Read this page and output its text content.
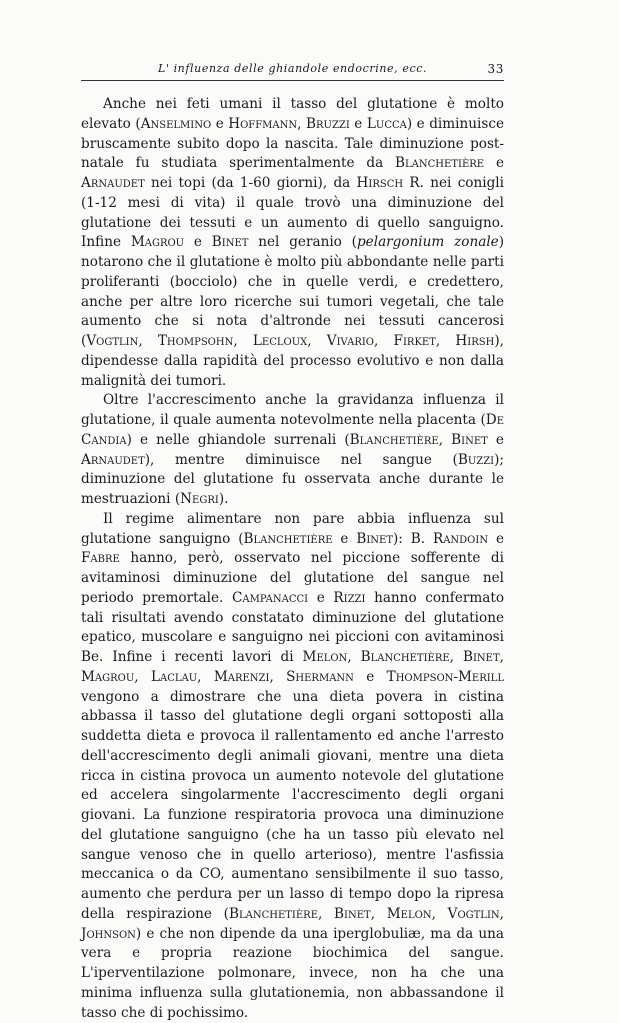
L' influenza delle ghiandole endocrine, ecc.	33

Anche nei feti umani il tasso del glutatione è molto elevato (Anselmino e Hoffmann, Bruzzi e Lucca) e diminuisce bruscamente subito dopo la nascita. Tale diminuzione post-natale fu studiata sperimentalmente da Blanchetière e Arnaudet nei topi (da 1-60 giorni), da Hirsch R. nei conigli (1-12 mesi di vita) il quale trovò una diminuzione del glutatione dei tessuti e un aumento di quello sanguigno. Infine Magrou e Binet nel geranio (pelargonium zonale) notarono che il glutatione è molto più abbondante nelle parti proliferanti (bocciolo) che in quelle verdi, e credettero, anche per altre loro ricerche sui tumori vegetali, che tale aumento che si nota d'altronde nei tessuti cancerosi (Vogtlin, Thompsohn, Lecloux, Vivario, Firket, Hirsh), dipendesse dalla rapidità del processo evolutivo e non dalla malignità dei tumori.

Oltre l'accrescimento anche la gravidanza influenza il glutatione, il quale aumenta notevolmente nella placenta (De Candia) e nelle ghiandole surrenali (Blanchetière, Binet e Arnaudet), mentre diminuisce nel sangue (Buzzi); diminuzione del glutatione fu osservata anche durante le mestruazioni (Negri).

Il regime alimentare non pare abbia influenza sul glutatione sanguigno (Blanchetière e Binet): B. Randoin e Fabre hanno, però, osservato nel piccione sofferente di avitaminosi diminuzione del glutatione del sangue nel periodo premortale. Campanacci e Rizzi hanno confermato tali risultati avendo constatato diminuzione del glutatione epatico, muscolare e sanguigno nei piccioni con avitaminosi Be. Infine i recenti lavori di Melon, Blanchetière, Binet, Magrou, Laclau, Marenzi, Shermann e Thompson-Merill vengono a dimostrare che una dieta povera in cistina abbassa il tasso del glutatione degli organi sottoposti alla suddetta dieta e provoca il rallentamento ed anche l'arresto dell'accrescimento degli animali giovani, mentre una dieta ricca in cistina provoca un aumento notevole del glutatione ed accelera singolarmente l'accrescimento degli organi giovani. La funzione respiratoria provoca una diminuzione del glutatione sanguigno (che ha un tasso più elevato nel sangue venoso che in quello arterioso), mentre l'asfissia meccanica o da CO, aumentano sensibilmente il suo tasso, aumento che perdura per un lasso di tempo dopo la ripresa della respirazione (Blanchetière, Binet, Melon, Vogtlin, Johnson) e che non dipende da una iperglobuliæ, ma da una vera e propria reazione biochimica del sangue. L'iperventilazione polmonare, invece, non ha che una minima influenza sulla glutationemia, non abbassandone il tasso che di pochissimo.
